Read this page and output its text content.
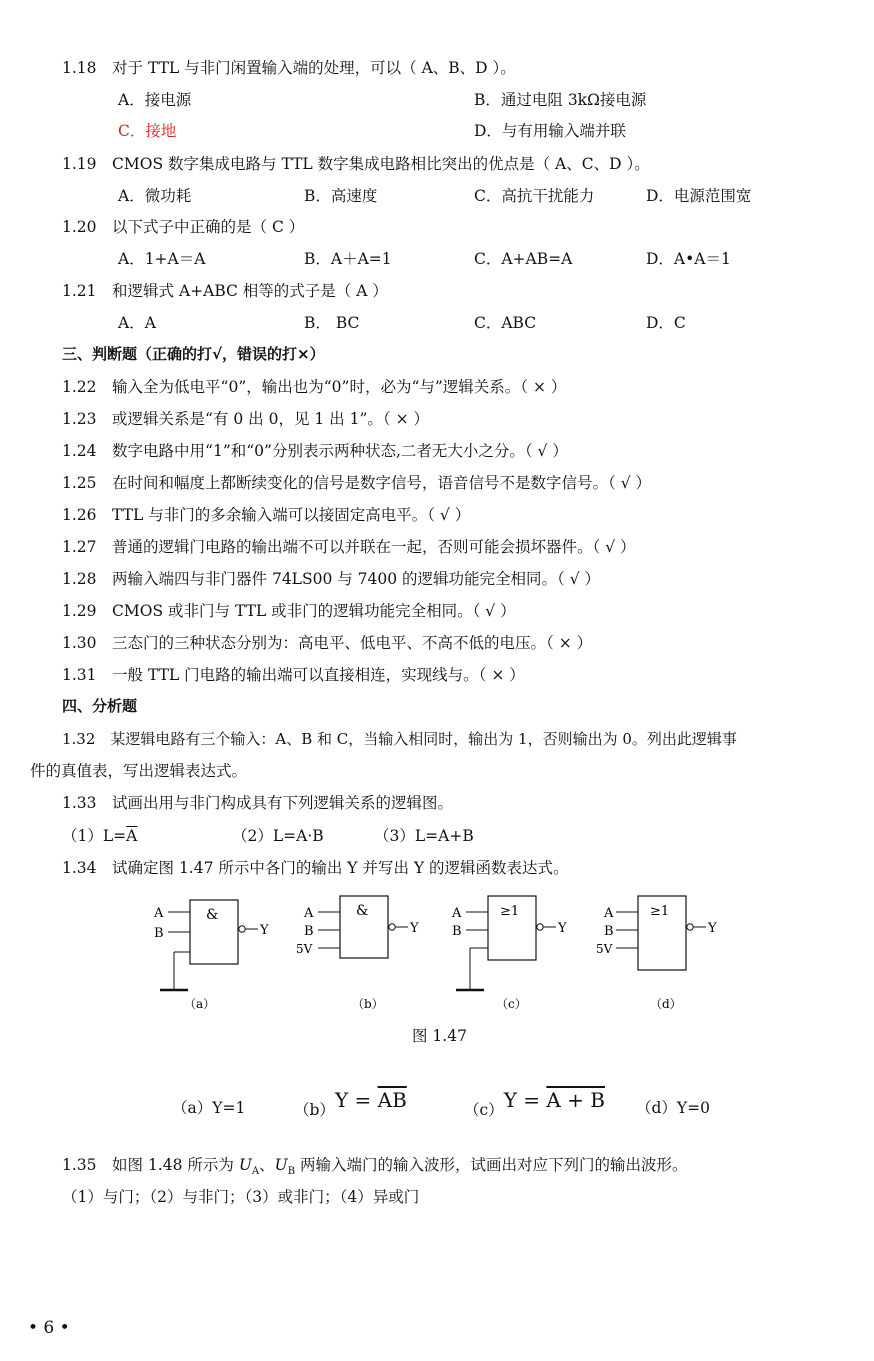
1.18　 对于 TTL 与非门闲置输入端的处理，可以（ A、B、D ）。
A．接电源	B．通过电阻 3kΩ接电源
C．接地	D．与有用输入端并联
1.19　 CMOS 数字集成电路与 TTL 数字集成电路相比突出的优点是（ A、C、D ）。
A．微功耗	B．高速度	C．高抗干扰能力	D．电源范围宽
1.20　 以下式子中正确的是（ C ）
A．1+A＝A	B．A＋A=1	C．A+AB=A	D．A•A＝1
1.21　 和逻辑式 A+ABC 相等的式子是（ A ）
A．A	B． BC	C．ABC	D．C
三、判断题（正确的打√，错误的打×）
1.22　 输入全为低电平“0”，输出也为“0”时，必为“与”逻辑关系。（ × ）
1.23　 或逻辑关系是“有 0 出 0，见 1 出 1”。（ × ）
1.24　 数字电路中用“1”和“0”分别表示两种状态,二者无大小之分。（ √ ）
1.25　 在时间和幅度上都断续变化的信号是数字信号，语音信号不是数字信号。（ √ ）
1.26　 TTL 与非门的多余输入端可以接固定高电平。（ √ ）
1.27　 普通的逻辑门电路的输出端不可以并联在一起，否则可能会损坏器件。（ √ ）
1.28　 两输入端四与非门器件 74LS00 与 7400 的逻辑功能完全相同。（ √ ）
1.29　 CMOS 或非门与 TTL 或非门的逻辑功能完全相同。（ √ ）
1.30　 三态门的三种状态分别为：高电平、低电平、不高不低的电压。（ × ）
1.31　 一般 TTL 门电路的输出端可以直接相连，实现线与。（ × ）
四、分析题
1.32　某逻辑电路有三个输入：A、B 和 C，当输入相同时，输出为 1，否则输出为 0。列出此逻辑事
件的真值表，写出逻辑表达式。
1.33　试画出用与非门构成具有下列逻辑关系的逻辑图。
$(1)L=\overline{A}$	（2）L=A·B	（3）L=A+B
1.34　试确定图 1.47 所示中各门的输出 Y 并写出 Y 的逻辑函数表达式。
&
A
B	Y
（a）
&
A
B
5V
Y
（b）
≥1
A
B	Y
（c）
≥1
A
B
5V
Y
（d）
图 1.47
（a）Y=1	$(b)Y = \overline{AB}$	（c）Y = A + B （d）Y=0
1.35　如图 1.48 所示为 $U_A$、$U_B$ 两输入端门的输入波形，试画出对应下列门的输出波形。
（1）与门；（2）与非门；（3）或非门；（4）异或门
• 6 •
